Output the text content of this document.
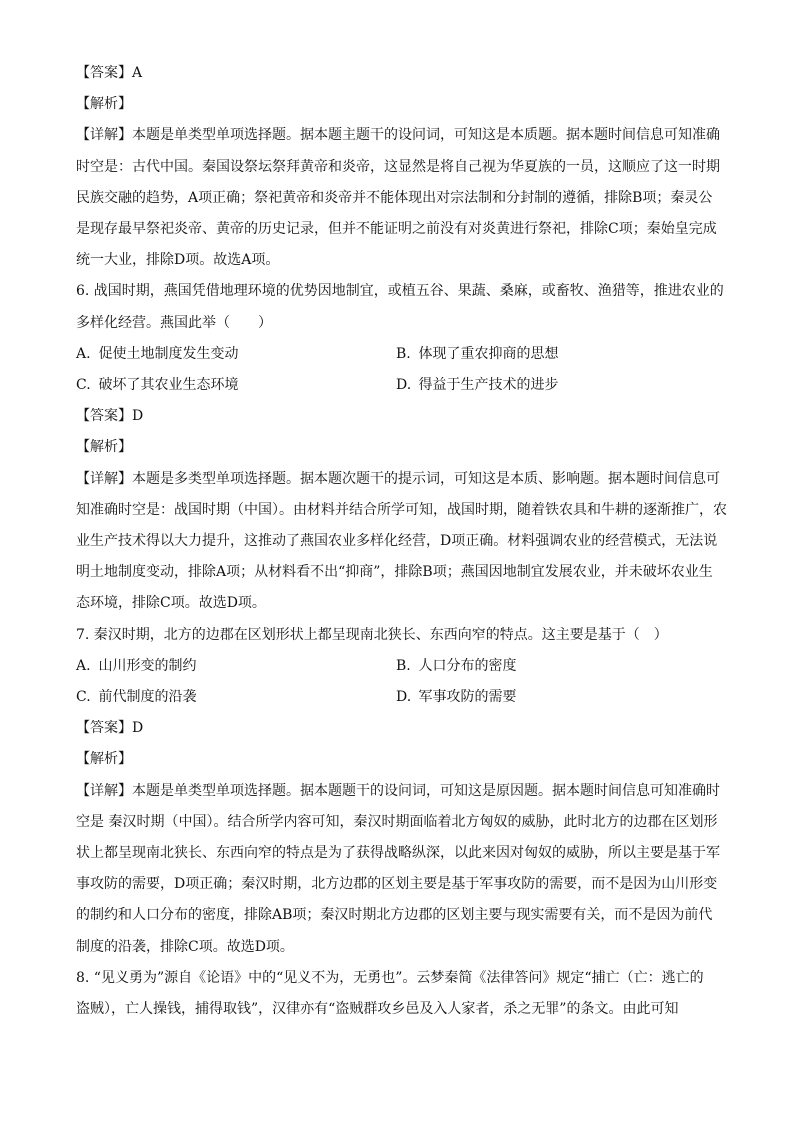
【答案】A

【解析】

【详解】本题是单类型单项选择题。据本题主题干的设问词，可知这是本质题。据本题时间信息可知准确

时空是：古代中国。秦国设祭坛祭拜黄帝和炎帝，这显然是将自己视为华夏族的一员，这顺应了这一时期

民族交融的趋势，A项正确；祭祀黄帝和炎帝并不能体现出对宗法制和分封制的遵循，排除B项；秦灵公

是现存最早祭祀炎帝、黄帝的历史记录，但并不能证明之前没有对炎黄进行祭祀，排除C项；秦始皇完成

统一大业，排除D项。故选A项。

6. 战国时期，燕国凭借地理环境的优势因地制宜，或植五谷、果蔬、桑麻，或畜牧、渔猎等，推进农业的

多样化经营。燕国此举（　　）

A. 促使土地制度发生变动	B. 体现了重农抑商的思想
C. 破坏了其农业生态环境	D. 得益于生产技术的进步

【答案】D

【解析】

【详解】本题是多类型单项选择题。据本题次题干的提示词，可知这是本质、影响题。据本题时间信息可

知准确时空是：战国时期（中国）。由材料并结合所学可知，战国时期，随着铁农具和牛耕的逐渐推广，农

业生产技术得以大力提升，这推动了燕国农业多样化经营，D项正确。材料强调农业的经营模式，无法说

明土地制度变动，排除A项；从材料看不出“抑商”，排除B项；燕国因地制宜发展农业，并未破坏农业生

态环境，排除C项。故选D项。

7. 秦汉时期，北方的边郡在区划形状上都呈现南北狭长、东西向窄的特点。这主要是基于（　）

A. 山川形变的制约	B. 人口分布的密度
C. 前代制度的沿袭	D. 军事攻防的需要

【答案】D

【解析】

【详解】本题是单类型单项选择题。据本题题干的设问词，可知这是原因题。据本题时间信息可知准确时

空是 秦汉时期（中国）。结合所学内容可知，秦汉时期面临着北方匈奴的威胁，此时北方的边郡在区划形

状上都呈现南北狭长、东西向窄的特点是为了获得战略纵深，以此来因对匈奴的威胁，所以主要是基于军

事攻防的需要，D项正确；秦汉时期，北方边郡的区划主要是基于军事攻防的需要，而不是因为山川形变

的制约和人口分布的密度，排除AB项；秦汉时期北方边郡的区划主要与现实需要有关，而不是因为前代

制度的沿袭，排除C项。故选D项。

8. “见义勇为”源自《论语》中的“见义不为，无勇也”。云梦秦简《法律答问》规定“捕亡（亡：逃亡的

盗贼），亡人操钱，捕得取钱”，汉律亦有“盗贼群攻乡邑及入人家者，杀之无罪”的条文。由此可知
